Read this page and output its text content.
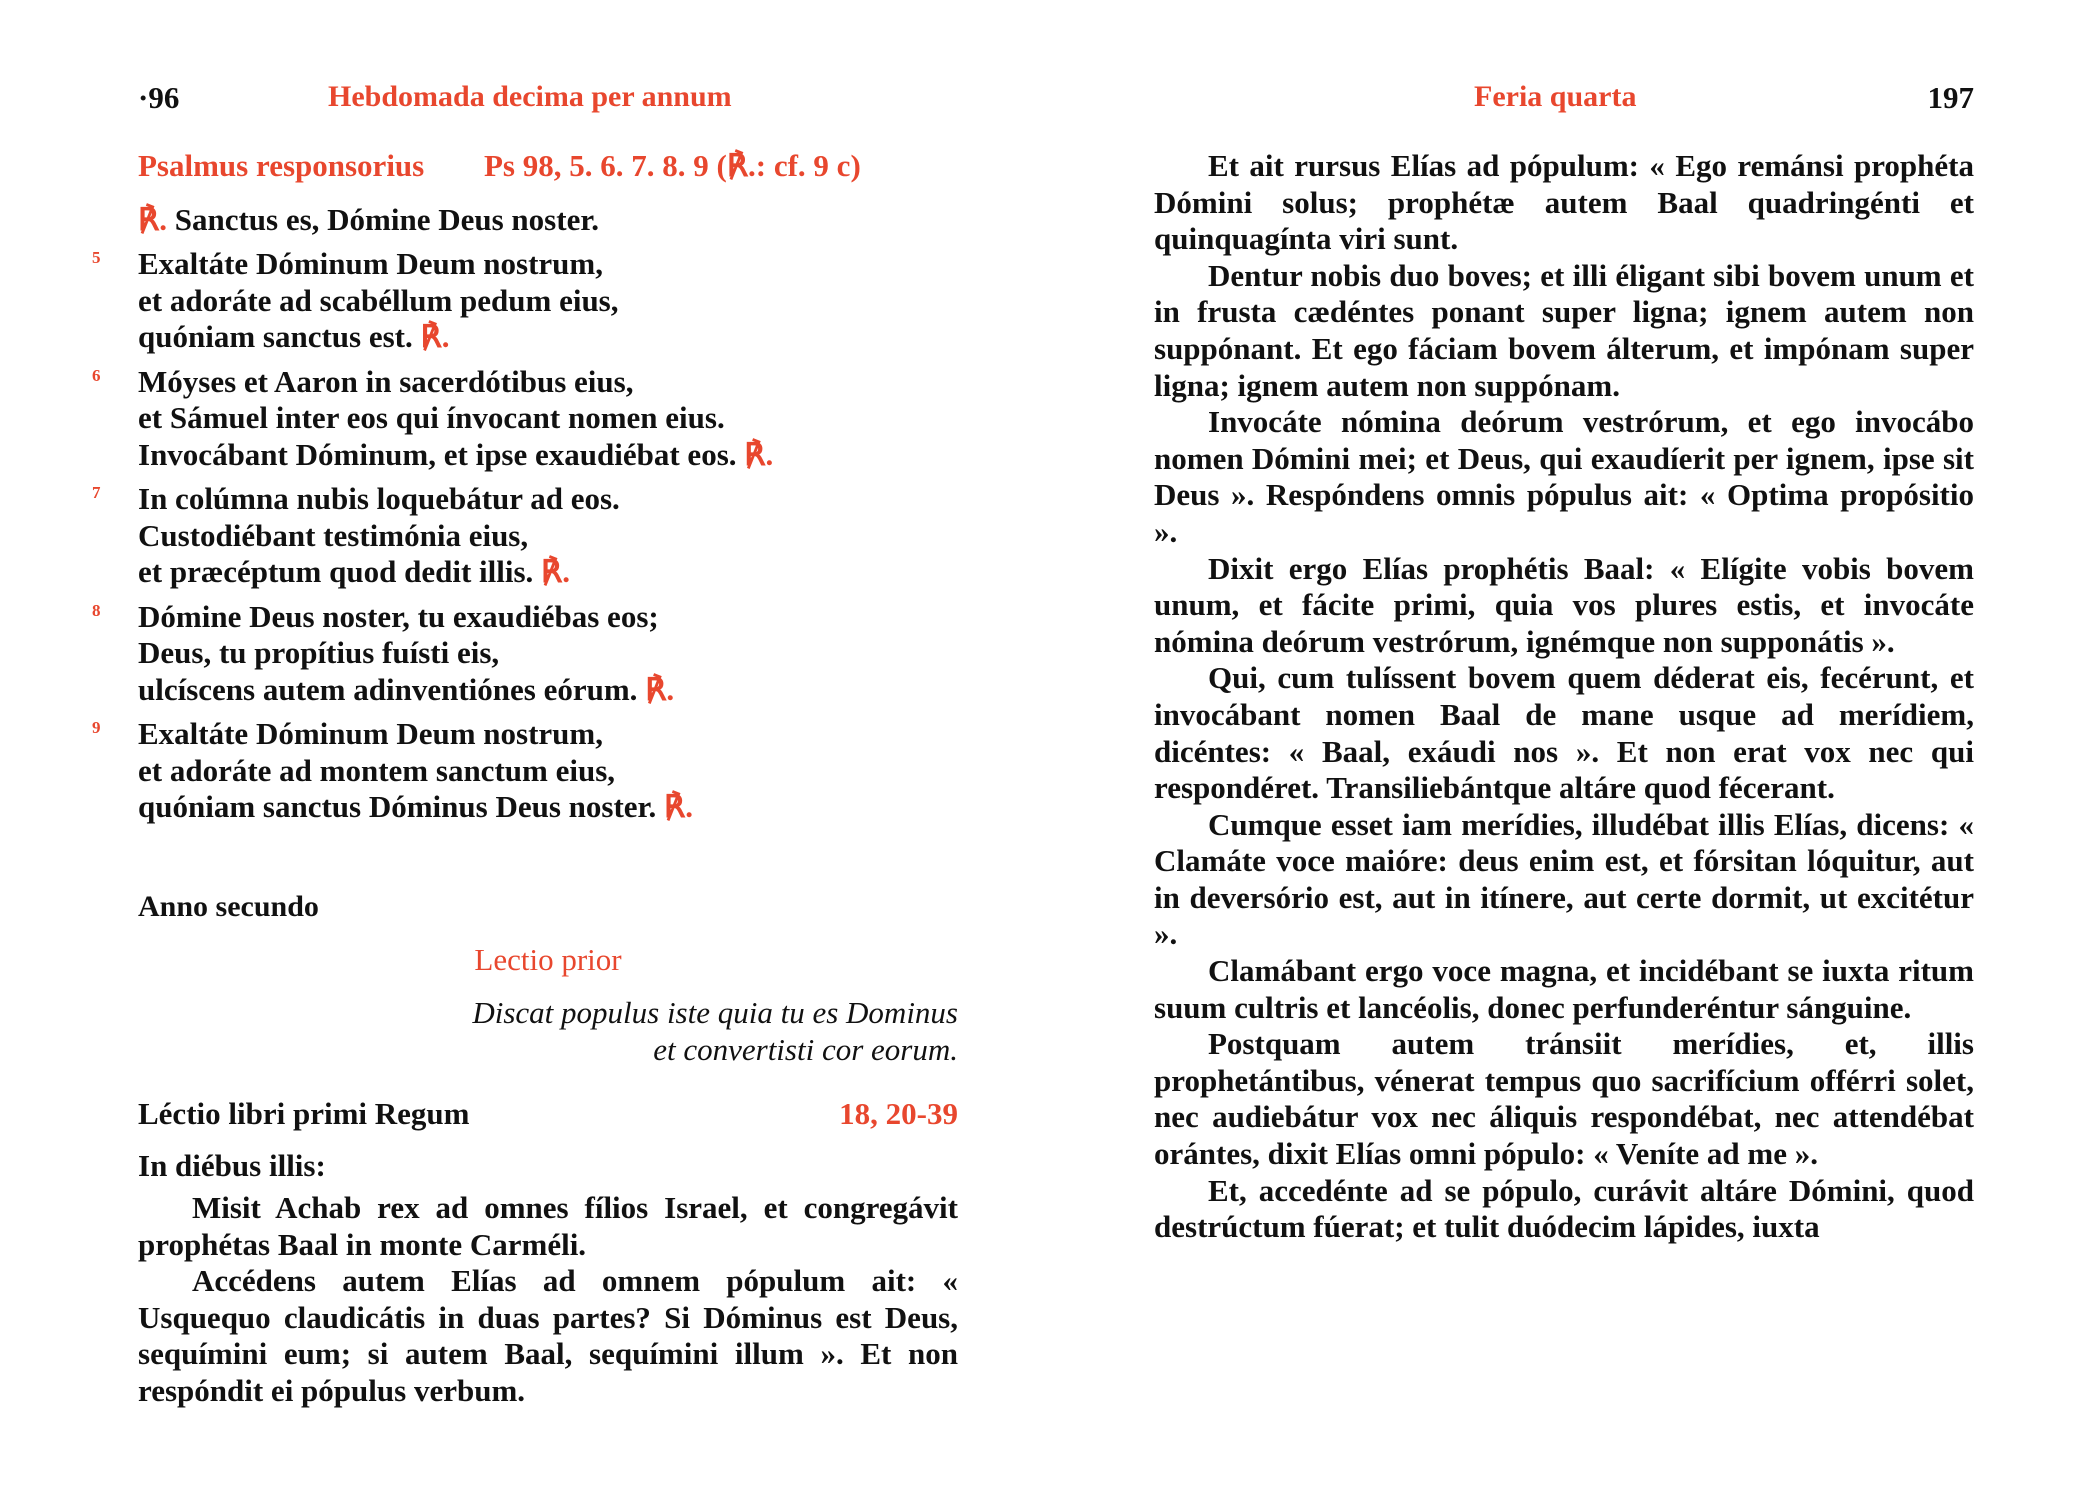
·96	Hebdomada decima per annum
Psalmus responsorius Ps 98, 5. 6. 7. 8. 9 (℟.: cf. 9 c)
℟. Sanctus es, Dómine Deus noster.
5 Exaltáte Dóminum Deum nostrum,
et adoráte ad scabéllum pedum eius,
quóniam sanctus est. ℟.
6 Móyses et Aaron in sacerdótibus eius,
et Sámuel inter eos qui ínvocant nomen eius.
Invocábant Dóminum, et ipse exaudiébat eos. ℟.
7 In colúmna nubis loquebátur ad eos.
Custodiébant testimónia eius,
et præcéptum quod dedit illis. ℟.
8 Dómine Deus noster, tu exaudiébas eos;
Deus, tu propítius fuísti eis,
ulcíscens autem adinventiónes eórum. ℟.
9 Exaltáte Dóminum Deum nostrum,
et adoráte ad montem sanctum eius,
quóniam sanctus Dóminus Deus noster. ℟.
Anno secundo
Lectio prior
Discat populus iste quia tu es Dominus
et convertisti cor eorum.
Léctio libri primi Regum	18, 20-39
In diébus illis:

Misit Achab rex ad omnes fílios Israel, et congregávit prophétas Baal in monte Carméli.

Accédens autem Elías ad omnem pópulum ait: « Usquequo claudicátis in duas partes? Si Dóminus est Deus, sequímini eum; si autem Baal, sequímini illum ». Et non respóndit ei pópulus verbum.

Feria quarta	197

Et ait rursus Elías ad pópulum: « Ego remánsi prophéta Dómini solus; prophétæ autem Baal quadringénti et quinquagínta viri sunt.

Dentur nobis duo boves; et illi éligant sibi bovem unum et in frusta cædéntes ponant super ligna; ignem autem non suppónant. Et ego fáciam bovem álterum, et impónam super ligna; ignem autem non suppónam.

Invocáte nómina deórum vestrórum, et ego invocábo nomen Dómini mei; et Deus, qui exaudíerit per ignem, ipse sit Deus ». Respóndens omnis pópulus ait: « Optima propósitio ».

Dixit ergo Elías prophétis Baal: « Elígite vobis bovem unum, et fácite primi, quia vos plures estis, et invocáte nómina deórum vestrórum, ignémque non supponátis ».

Qui, cum tulíssent bovem quem déderat eis, fecérunt, et invocábant nomen Baal de mane usque ad merídiem, dicéntes: « Baal, exáudi nos ». Et non erat vox nec qui respondéret. Transiliebántque altáre quod fécerant.

Cumque esset iam merídies, illudébat illis Elías, dicens: « Clamáte voce maióre: deus enim est, et fórsitan lóquitur, aut in deversório est, aut in itínere, aut certe dormit, ut excitétur ».

Clamábant ergo voce magna, et incidébant se iuxta ritum suum cultris et lancéolis, donec perfunderéntur sánguine.

Postquam autem tránsiit merídies, et, illis prophetántibus, vénerat tempus quo sacrifícium offérri solet, nec audiebátur vox nec áliquis respondébat, nec attendébat orántes, dixit Elías omni pópulo: « Veníte ad me ».

Et, accedénte ad se pópulo, curávit altáre Dómini, quod destrúctum fúerat; et tulit duódecim lápides, iuxta
